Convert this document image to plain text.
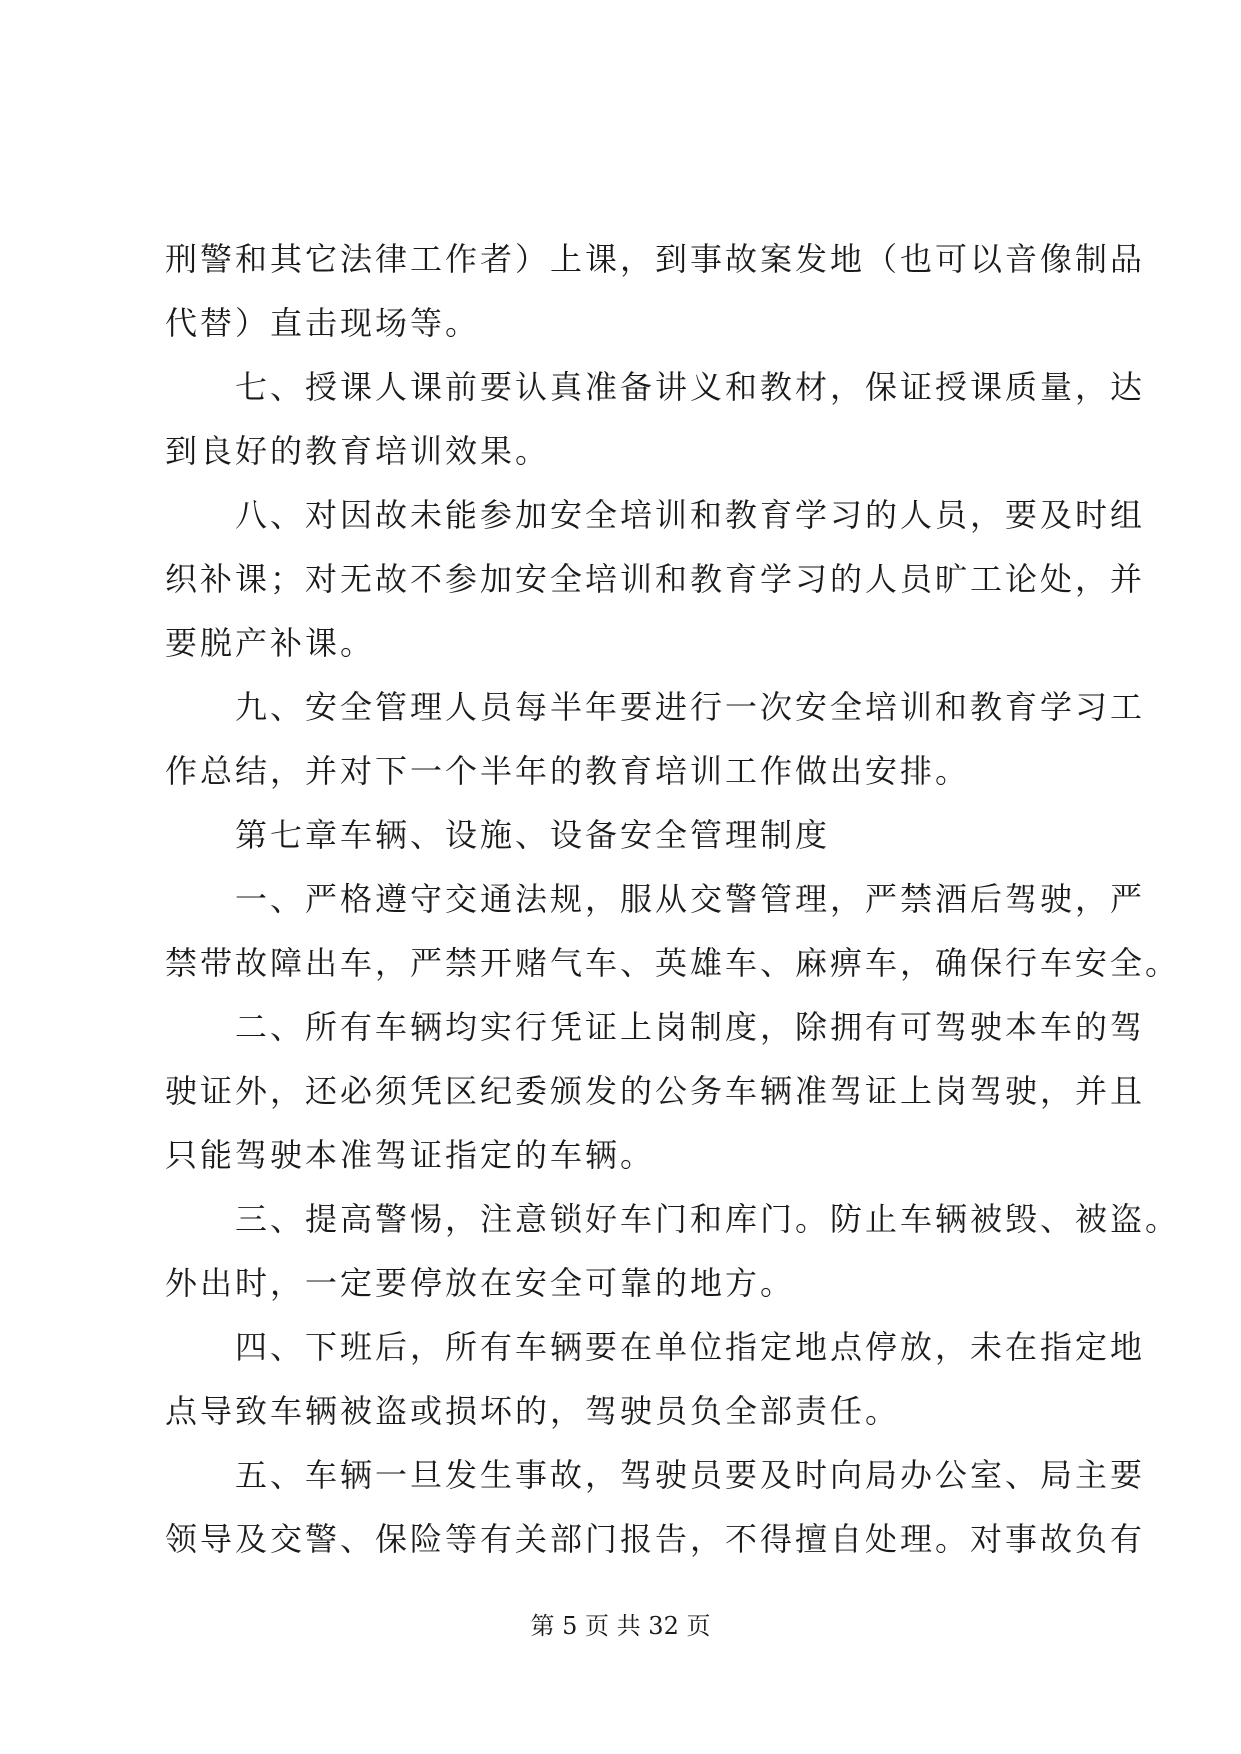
刑警和其它法律工作者）上课，到事故案发地（也可以音像制品
代替）直击现场等。
七、授课人课前要认真准备讲义和教材，保证授课质量，达
到良好的教育培训效果。
八、对因故未能参加安全培训和教育学习的人员，要及时组
织补课；对无故不参加安全培训和教育学习的人员旷工论处，并
要脱产补课。
九、安全管理人员每半年要进行一次安全培训和教育学习工
作总结，并对下一个半年的教育培训工作做出安排。
第七章车辆、设施、设备安全管理制度
一、严格遵守交通法规，服从交警管理，严禁酒后驾驶，严
禁带故障出车，严禁开赌气车、英雄车、麻痹车，确保行车安全。
二、所有车辆均实行凭证上岗制度，除拥有可驾驶本车的驾
驶证外，还必须凭区纪委颁发的公务车辆准驾证上岗驾驶，并且
只能驾驶本准驾证指定的车辆。
三、提高警惕，注意锁好车门和库门。防止车辆被毁、被盗。
外出时，一定要停放在安全可靠的地方。
四、下班后，所有车辆要在单位指定地点停放，未在指定地
点导致车辆被盗或损坏的，驾驶员负全部责任。
五、车辆一旦发生事故，驾驶员要及时向局办公室、局主要
领导及交警、保险等有关部门报告，不得擅自处理。对事故负有
第 5 页 共 32 页
